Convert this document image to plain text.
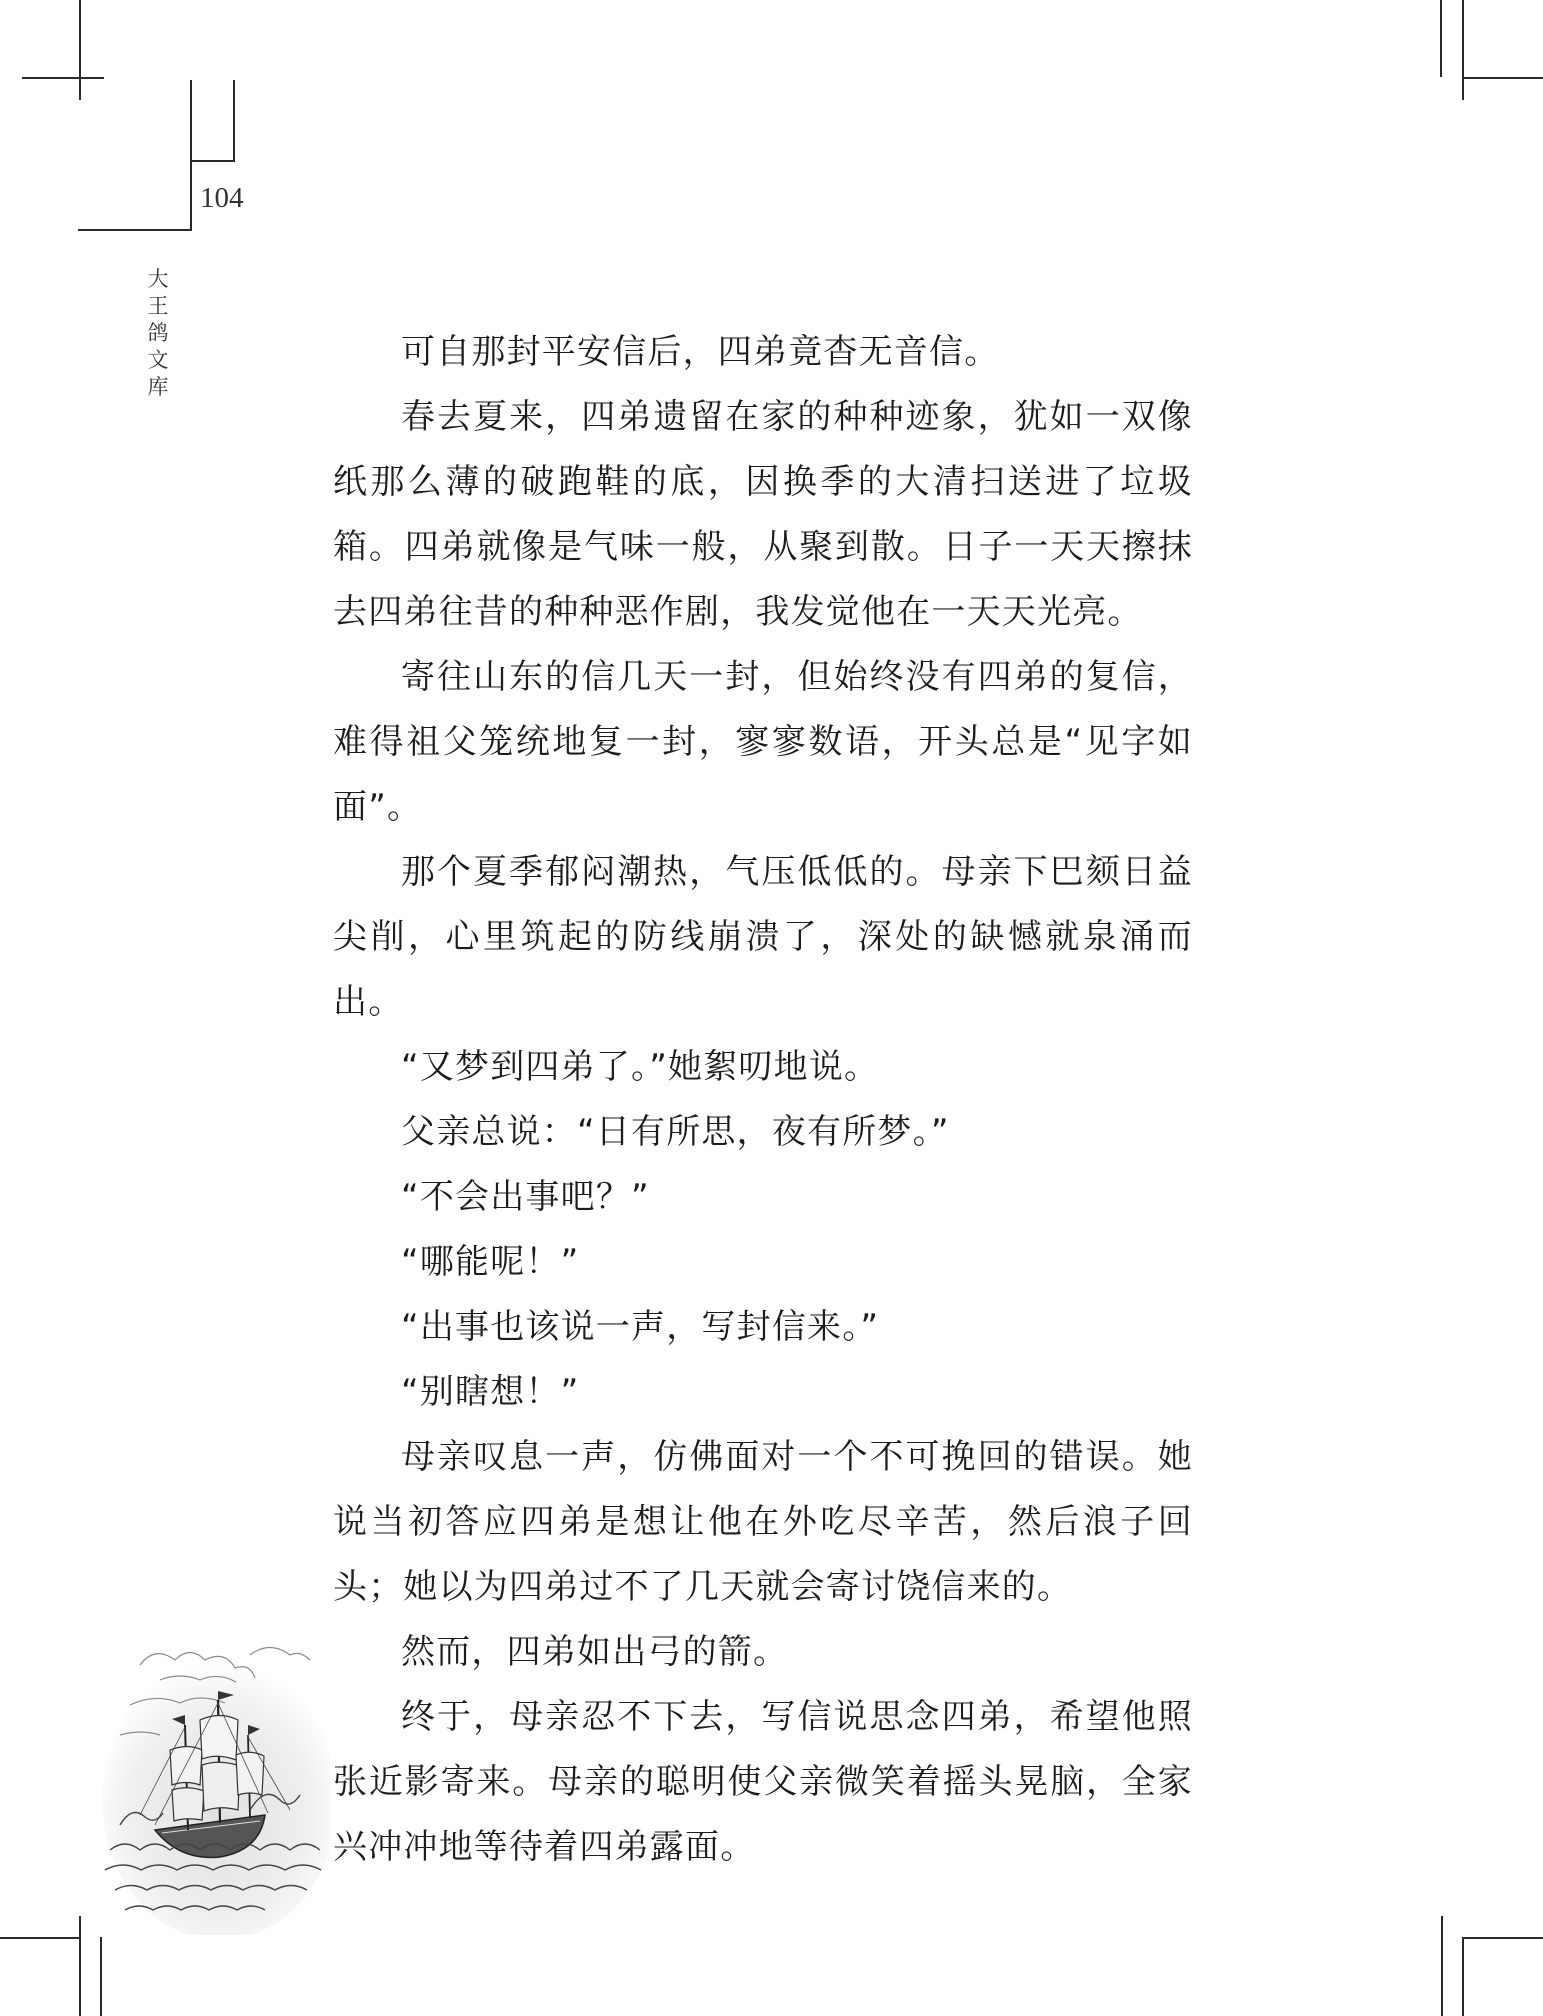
104
大王鸽文库

可自那封平安信后，四弟竟杳无音信。

春去夏来，四弟遗留在家的种种迹象，犹如一双像纸那么薄的破跑鞋的底，因换季的大清扫送进了垃圾箱。四弟就像是气味一般，从聚到散。日子一天天擦抹去四弟往昔的种种恶作剧，我发觉他在一天天光亮。

寄往山东的信几天一封，但始终没有四弟的复信，难得祖父笼统地复一封，寥寥数语，开头总是“见字如面”。

那个夏季郁闷潮热，气压低低的。母亲下巴颏日益尖削，心里筑起的防线崩溃了，深处的缺憾就泉涌而出。

“又梦到四弟了。”她絮叨地说。

父亲总说：“日有所思，夜有所梦。”

“不会出事吧？”

“哪能呢！”

“出事也该说一声，写封信来。”

“别瞎想！”

母亲叹息一声，仿佛面对一个不可挽回的错误。她说当初答应四弟是想让他在外吃尽辛苦，然后浪子回头；她以为四弟过不了几天就会寄讨饶信来的。

然而，四弟如出弓的箭。

终于，母亲忍不下去，写信说思念四弟，希望他照张近影寄来。母亲的聪明使父亲微笑着摇头晃脑，全家兴冲冲地等待着四弟露面。
